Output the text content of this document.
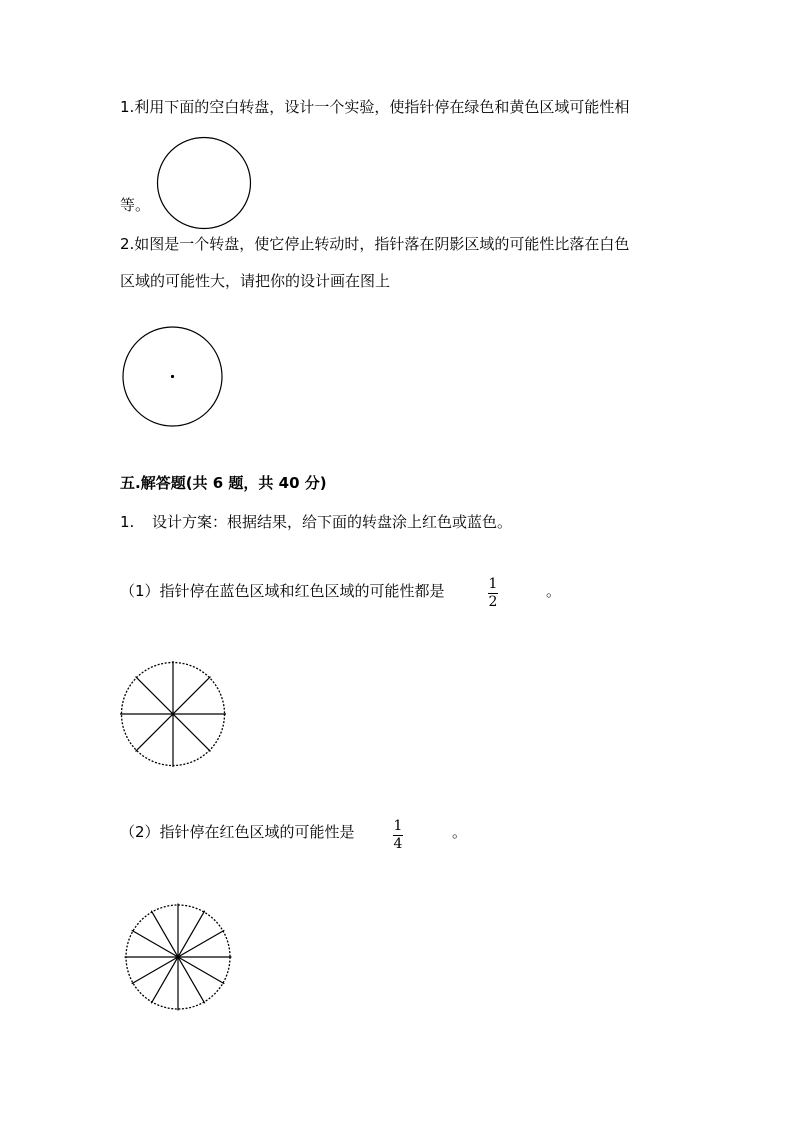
1.利用下面的空白转盘，设计一个实验，使指针停在绿色和黄色区域可能性相
等。
2.如图是一个转盘，使它停止转动时，指针落在阴影区域的可能性比落在白色
区域的可能性大，请把你的设计画在图上
五.解答题(共 6 题，共 40 分)
1. 设计方案：根据结果，给下面的转盘涂上红色或蓝色。
（1）指针停在蓝色区域和红色区域的可能性都是	1
2
。
（2）指针停在红色区域的可能性是	1
4
。
